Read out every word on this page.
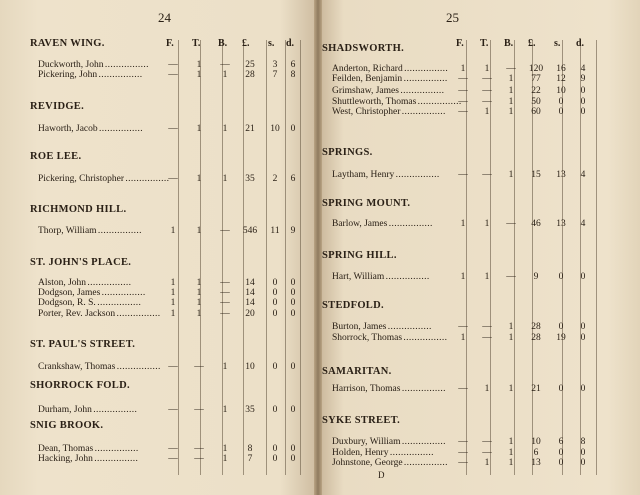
24
F. T. B. £. s. d.
RAVEN WING.
Duckworth, John . . .	—	1	—	25	3	6
Pickering, John . . .	—	1	1	28	7	8
REVIDGE.
Haworth, Jacob . . .	—	1	1	21	10	0
ROE LEE.
Pickering, Christopher . . .	—	1	1	35	2	6
RICHMOND HILL.
Thorp, William . . .	1	1	—	546	11	9
ST. JOHN'S PLACE.
Alston, John . . .	1	1	—	14	0	0
Dodgson, James . . .	1	1	—	14	0	0
Dodgson, R. S. . . .	1	1	—	14	0	0
Porter, Rev. Jackson . . .	1	1	—	20	0	0
ST. PAUL'S STREET.
Crankshaw, Thomas . . .	—	—	1	10	0	0
SHORROCK FOLD.
Durham, John . . .	—	—	1	35	0	0
SNIG BROOK.
Dean, Thomas . . .	—	—	1	8	0	0
Hacking, John . . .	—	—	1	7	0	0
25
D
F. T. B. £. s. d.
SHADSWORTH.
Anderton, Richard . . .	1	1	—	120	16	4
Feilden, Benjamin . . .	—	—	1	77	12	9
Grimshaw, James . . .	—	—	1	22	10	0
Shuttleworth, Thomas . . .	—	—	1	50	0	0
West, Christopher . . .	—	1	1	60	0	0
SPRINGS.
Laytham, Henry . . .	—	—	1	15	13	4
SPRING MOUNT.
Barlow, James . . .	1	1	—	46	13	4
SPRING HILL.
Hart, William . . .	1	1	—	9	0	0
STEDFOLD.
Burton, James . . .	—	—	1	28	0	0
Shorrock, Thomas . . .	1	—	1	28	19	0
SAMARITAN.
Harrison, Thomas . . .	—	1	1	21	0	0
SYKE STREET.
Duxbury, William . . .	—	—	1	10	6	8
Holden, Henry . . .	—	—	1	6	0	0
Johnstone, George . . .	—	1	1	13	0	0
